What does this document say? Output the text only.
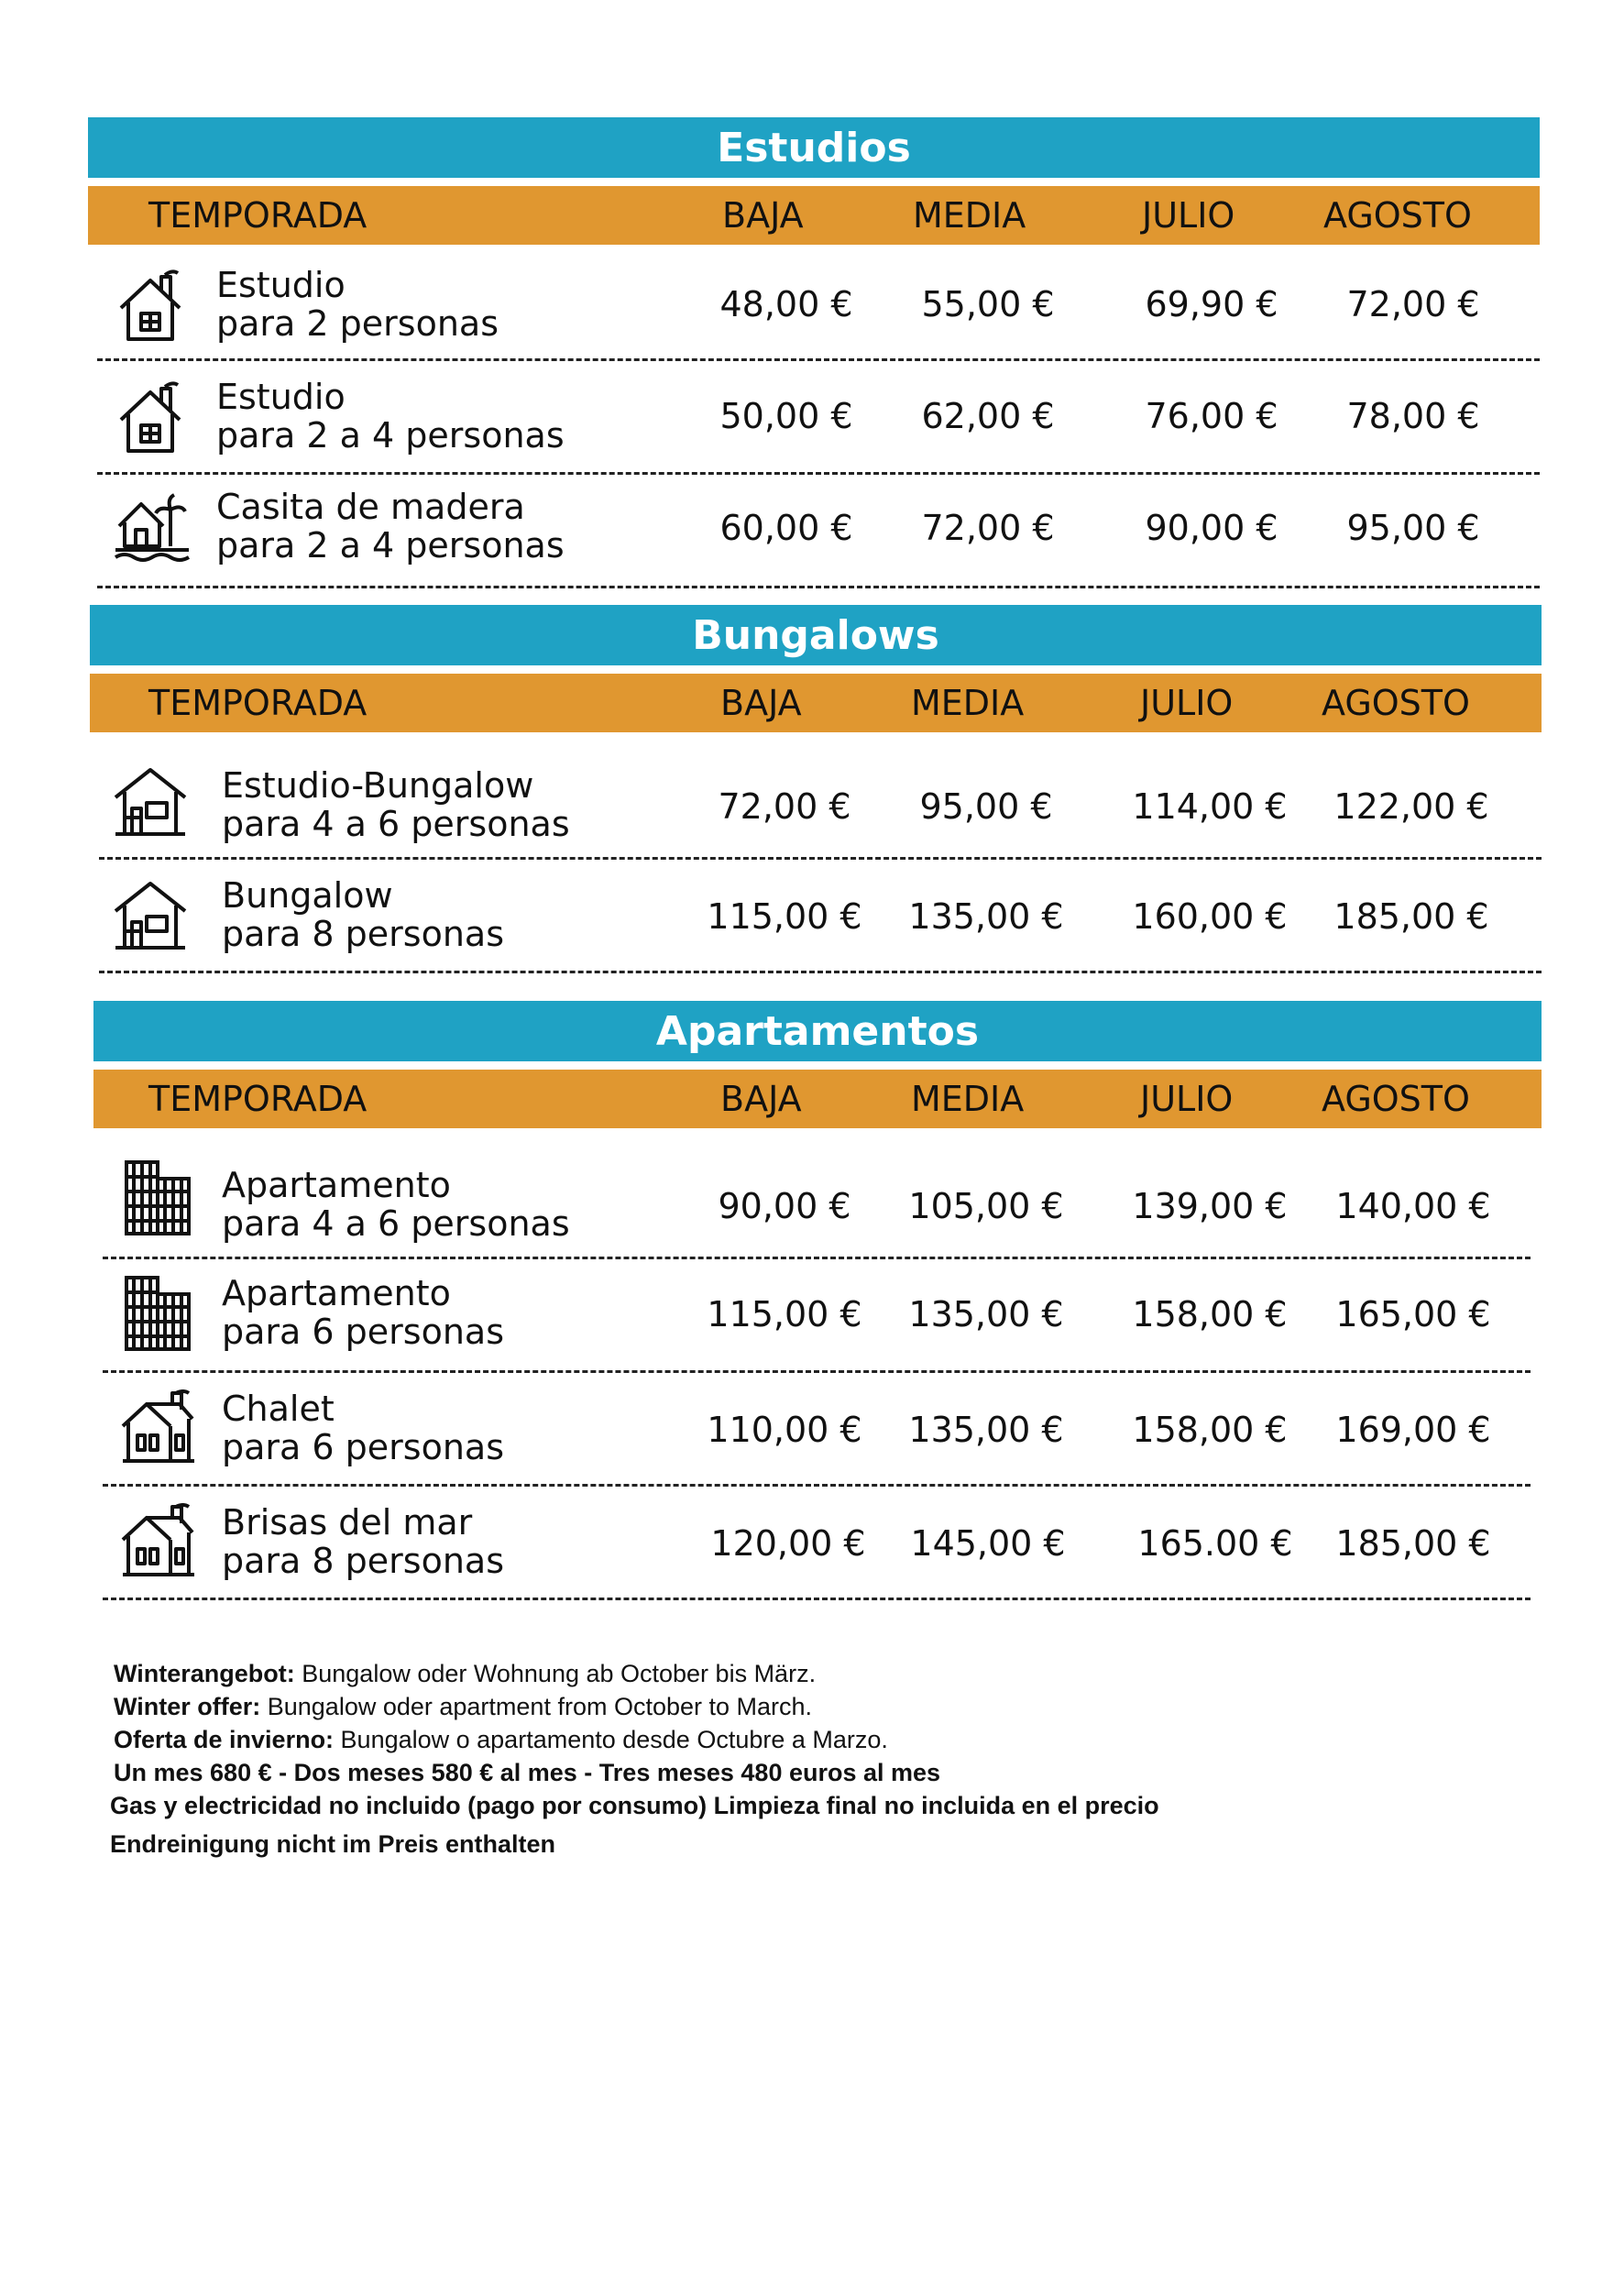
Estudios
TEMPORADA	BAJA	MEDIA	JULIO	AGOSTO
Estudio
para 2 personas	48,00 € 55,00 €	69,90 € 72,00 €
Estudio
para 2 a 4 personas	50,00 € 62,00 €	76,00 € 78,00 €
Casita de madera
para 2 a 4 personas	60,00 € 72,00 €	90,00 € 95,00 €
Bungalows
TEMPORADA	BAJA	MEDIA	JULIO	AGOSTO
Estudio-Bungalow
para 4 a 6 personas	72,00 € 95,00 € 114,00 € 122,00 €
Bungalow
para 8 personas	115,00 € 135,00 € 160,00 € 185,00 €
Apartamentos
TEMPORADA	BAJA	MEDIA	JULIO	AGOSTO
Apartamento
para 4 a 6 personas	90,00 € 105,00 € 139,00 € 140,00 €
Apartamento
para 6 personas	115,00 € 135,00 € 158,00 € 165,00 €
Chalet
para 6 personas	110,00 € 135,00 € 158,00 € 169,00 €
Brisas del mar
para 8 personas	120,00 € 145,00 € 165.00 € 185,00 €
Winterangebot: Bungalow oder Wohnung ab October bis März.
Winter offer: Bungalow oder apartment from October to March.
Oferta de invierno: Bungalow o apartamento desde Octubre a Marzo.
Un mes 680 € - Dos meses 580 € al mes - Tres meses 480 euros al mes
Gas y electricidad no incluido (pago por consumo) Limpieza final no incluida en el precio
Endreinigung nicht im Preis enthalten
